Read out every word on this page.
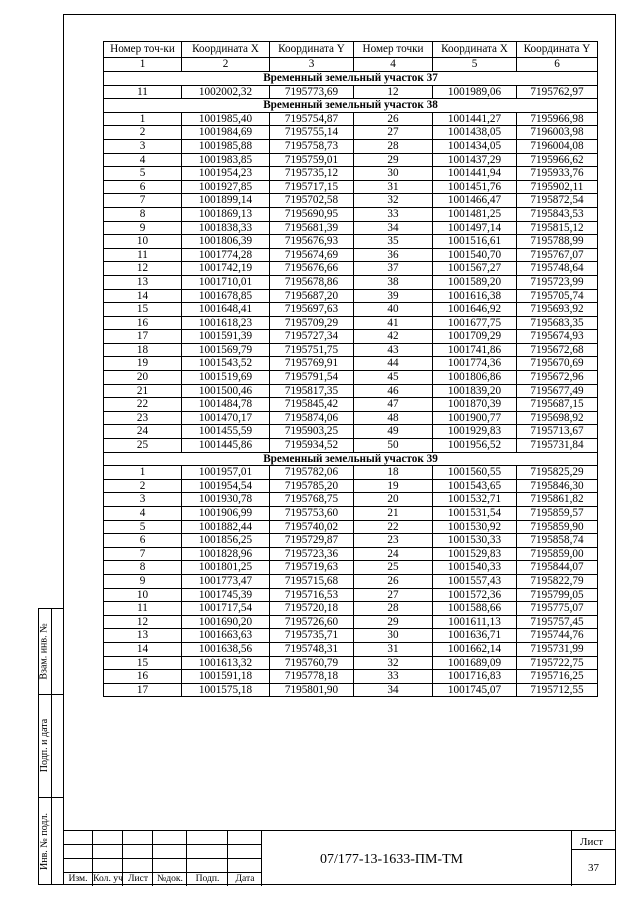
Номер точ-ки	Координата X	Координата Y	Номер точки	Координата X	Координата Y
1	2	3	4	5	6
Временный земельный участок 37					
11	1002002,32	7195773,69	12	1001989,06	7195762,97
Временный земельный участок 38					
1	1001985,40	7195754,87	26	1001441,27	7195966,98
2	1001984,69	7195755,14	27	1001438,05	7196003,98
3	1001985,88	7195758,73	28	1001434,05	7196004,08
4	1001983,85	7195759,01	29	1001437,29	7195966,62
5	1001954,23	7195735,12	30	1001441,94	7195933,76
6	1001927,85	7195717,15	31	1001451,76	7195902,11
7	1001899,14	7195702,58	32	1001466,47	7195872,54
8	1001869,13	7195690,95	33	1001481,25	7195843,53
9	1001838,33	7195681,39	34	1001497,14	7195815,12
10	1001806,39	7195676,93	35	1001516,61	7195788,99
11	1001774,28	7195674,69	36	1001540,70	7195767,07
12	1001742,19	7195676,66	37	1001567,27	7195748,64
13	1001710,01	7195678,86	38	1001589,20	7195723,99
14	1001678,85	7195687,20	39	1001616,38	7195705,74
15	1001648,41	7195697,63	40	1001646,92	7195693,92
16	1001618,23	7195709,29	41	1001677,75	7195683,35
17	1001591,39	7195727,34	42	1001709,29	7195674,93
18	1001569,79	7195751,75	43	1001741,86	7195672,68
19	1001543,52	7195769,91	44	1001774,36	7195670,69
20	1001519,69	7195791,54	45	1001806,86	7195672,96
21	1001500,46	7195817,35	46	1001839,20	7195677,49
22	1001484,78	7195845,42	47	1001870,39	7195687,15
23	1001470,17	7195874,06	48	1001900,77	7195698,92
24	1001455,59	7195903,25	49	1001929,83	7195713,67
25	1001445,86	7195934,52	50	1001956,52	7195731,84
Временный земельный участок 39					
1	1001957,01	7195782,06	18	1001560,55	7195825,29
2	1001954,54	7195785,20	19	1001543,65	7195846,30
3	1001930,78	7195768,75	20	1001532,71	7195861,82
4	1001906,99	7195753,60	21	1001531,54	7195859,57
5	1001882,44	7195740,02	22	1001530,92	7195859,90
6	1001856,25	7195729,87	23	1001530,33	7195858,74
7	1001828,96	7195723,36	24	1001529,83	7195859,00
8	1001801,25	7195719,63	25	1001540,33	7195844,07
9	1001773,47	7195715,68	26	1001557,43	7195822,79
10	1001745,39	7195716,53	27	1001572,36	7195799,05
11	1001717,54	7195720,18	28	1001588,66	7195775,07
12	1001690,20	7195726,60	29	1001611,13	7195757,45
13	1001663,63	7195735,71	30	1001636,71	7195744,76
14	1001638,56	7195748,31	31	1001662,14	7195731,99
15	1001613,32	7195760,79	32	1001689,09	7195722,75
16	1001591,18	7195778,18	33	1001716,83	7195716,25
17	1001575,18	7195801,90	34	1001745,07	7195712,55
Взам. инв. №
Подп. и дата
Инв. № подл.
Изм. Кол. уч Лист №док.	Подп.	Дата
07/177-13-1633-ПМ-ТМ
Лист
37
